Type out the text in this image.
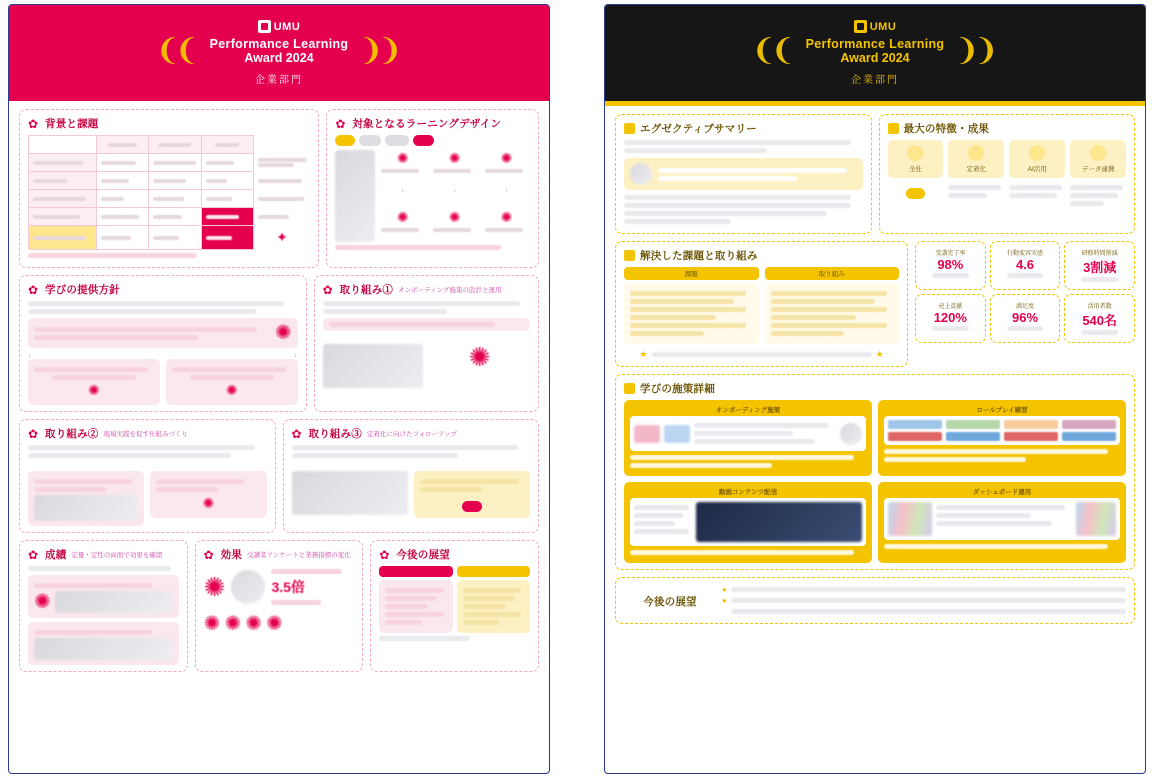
UMU
❨
❨ Performance Learning
Award 2024	❩
❩
企業部門
✿ 背景と課題

	✦
✿ 対象となるラーニングデザイン

✺	✺	✺
↓	↓	↓
✺	✺	✺
✿ 学びの提供方針
✺
↓	↓
✺	✺
✿ 取り組み① オンボーディング施策の設計と運用

✺
✿ 取り組み② 現場実践を促す仕組みづくり

✺
✿ 取り組み③ 定着化に向けたフォローアップ

✿ 成績 定量・定性の両面で効果を確認
✺
✿ 効果 受講者アンケートと業務指標の変化
✺	3.5倍
✺ ✺ ✺ ✺
✿ 今後の展望

UMU
❨
❨ Performance Learning
Award 2024	❩
❩
企業部門
エグゼクティブサマリー	最大の特徴・成果
全社	定着化	AI活用	データ連携

解決した課題と取り組み
課題	取り組み
★	★
受講完了率
98%
行動変容実感
4.6
研修時間削減
3割減
売上貢献
120%
満足度
96%
活用者数
540名
学びの施策詳細
オンボーディング施策	ロールプレイ練習
動画コンテンツ配信	ダッシュボード運用
今後の展望
●
●
●
